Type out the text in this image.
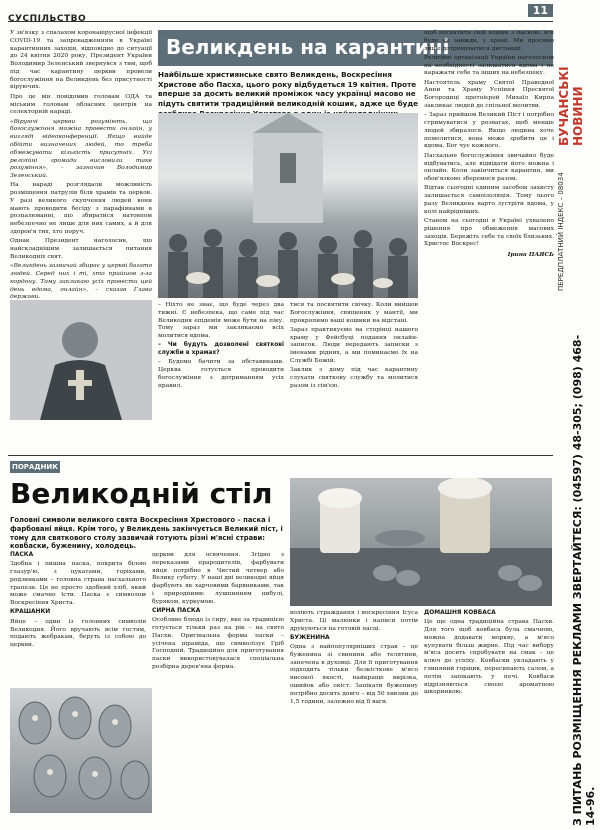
СУСПІЛЬСТВО
11
БУЧАНСЬКІ НОВИНИ
ПЕРЕДПЛАТНИЙ ІНДЕКС – 08034
З ПИТАНЬ РОЗМІЩЕННЯ РЕКЛАМИ ЗВЕРТАЙТЕСЯ: (04597) 48-305; (098) 468-14-96.
Великдень на карантині
Найбільше християнське свято Великдень, Воскресіння Христове або Пасха, цього року відбудеться 19 квітня. Проте вперше за досить великий проміжок часу українці масово не підуть святити традиційний великодній кошик, адже це буде

У зв'язку з спалахом коронавірусної інфекції COVID-19 та запровадженням в Україні карантинних заходів, відповідно до ситуації до 24 квітня 2020 року, Президент України Володимир Зеленський звернувся з тим, щоб під час карантину церкви провели богослужіння на Великдень без присутності віруючих.

Про це він повідомив головам ОДА та міським головам обласних центрів на селекторній нараді.

«Віруючі церкви розуміють, що богослужіння можна провести онлайн, у вигляді відеоконференції. Якщо вийде обійти визначених людей, то треба обмежувати кількість присутніх. Усі релігійні громади висловили таке розуміння», – зазначив Володимир Зеленський.

На нараді розглядали можливість розміщення патрулів біля храмів та церков. У разі великого скупчення людей вони мають проводити бесіду з парафіянами в розпалюванні, що збиратися натовпом небезпечно не лише для них самих, а й для здоров'я тих, хто поруч.

Однак Президент наголосив, що найскладнішим залишається питання Великодніх свят.

«Великдень зазвичай збирає у церкві багато людей. Серед них і ті, хто прийшов з-за кордону. Тому закликаю усіх провести цей день вдома, онлайн», – сказав Глава держави.

– Ніхто не знає, що буде через два тижні. Є небезпека, що саме під час Великодня епідемія може бути на піку. Тому зараз ми закликаємо всіх молитися вдома.

– Чи будуть дозволені святкові служби в храмах?

– Будемо бачити за обставинами. Церква готується проводити богослужіння з дотриманням усіх правил.

тися та посвятити свічку. Коли вийшов Богослужіння, священик у мантії, ми прокропимо ваші кошики на відстані.

Зараз практикуємо на сторінці нашого храму у Фейсбуці подання онлайн-записок. Люди передають записки з іменами рідних, а ми поминаємо їх на Службі Божій.

Заклик з дому під час карантину слухати святкову службу та молитися разом із сім'єю.

щоб посвятити свій кошик з паскою, все буде як завжди, у храмі. Ми просимо лише дотримуватися дистанції.

Релігійні організації України наголосили на необхідності залишатися вдома і не наражати себе та інших на небезпеку.

Настоятель храму Святої Праведної Анни та Храму Успіння Пресвятої Богородиці протоієрей Михаїл Кирпа закликає людей до спільної молитви.

– Зараз прийшов Великий Піст і потрібно стримуватися у розвагах, щоб менше людей збиралося. Якщо людина хоче помолитися, вона може зробити це і вдома. Бог чує кожного.

Пасхальне богослужіння звичайно буде відбуватись, але відвідати його можна і онлайн. Коли закінчиться карантин, ми обов'язково зберемося разом.

Відтак сьогодні єдиним засобом захисту залишається самоізоляція. Тому цього разу Великдень варто зустріти вдома, у колі найрідніших.

Станом на сьогодні в Україні ухвалено рішення про обмеження масових заходів. Бережіть себе та своїх близьких. Христос Воскрес!

Ірина ПАЯСЬ

ПОРАДНИК
Великодній стіл
Головні символи великого свята Воскресіння Христового – паска і фарбовані яйця. Крім того, у Великдень закінчується Великий піст, і тому для святкового столу зазвичай готують різні м'ясні страви: ковбаски, буженину, холодець.

ПАСКА

Здобна і пишна паска, покрита білою глазур'ю, з цукатами, горіхами, родзинками – головна страва пасхального трапези. Це не просто здобний хліб, який може смачно їсти. Паска є символом Воскресіння Христа.

КРАШАНКИ

Яйце – один із головних символів Великодня. Його вручають всім гостям, подають жебракам, беруть із собою до церкви.

церкви для освячення. Згідно з переказами прародителів, фарбувати яйця потрібно в Чистий четвер або Велику суботу. У наші дні великодні яйця фарбують як харчовими барвниками, так і природними: лушпинням цибулі, буряком, куркумою.

СИРНА ПАСКА

Особливе блюдо із сиру, яке за традицією готується тільки раз на рік – на свято Пасхи. Оригінальна форма паски – усічена піраміда, що символізує Гріб Господній. Традиційно для приготування паски використовувалася спеціальна розбірна дерев'яна форма.

воліють страждання і воскресіння Ісуса Христа. Ці малюнки і написи потім друкуються на готовій пасці.

БУЖЕНИНА

Одна з найпопулярніших страв – це буженина зі свинини або телятини, запечена в духовці. Для її приготування підходить тільки безкісткове м'ясо високої якості, найкраще вирізка, ошийок або окіст. Запікати буженину потрібно досить довго – від 50 хвилин до 1,5 години, залежно від її ваги.

ДОМАШНЯ КОВБАСА

Це ще одна традиційна страва Пасхи. Для того щоб ковбаса була смачною, можна додавати моркву, а м'ясо купувати більш жирне. Під час вибору м'яса досить спробувати на смак – це ключ до успіху. Ковбаски укладають у глиняний горщик, пересипають салом, а потім запікають у печі. Ковбаси відрізняються своєю ароматною шкоринкою.
